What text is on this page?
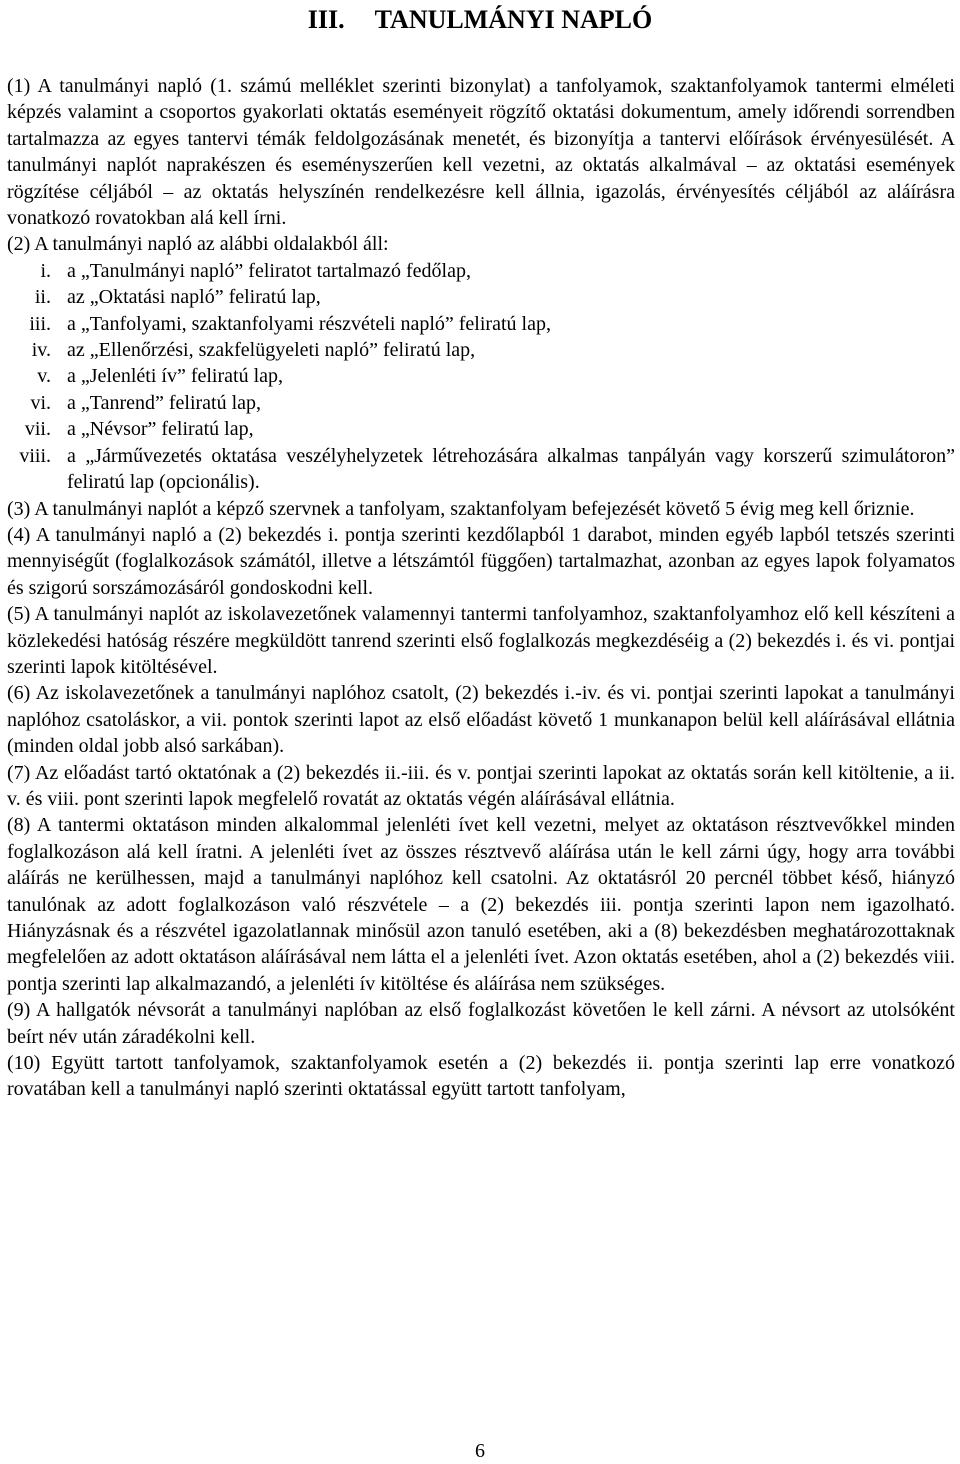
III. TANULMÁNYI NAPLÓ

(1) A tanulmányi napló (1. számú melléklet szerinti bizonylat) a tanfolyamok, szaktanfolyamok tantermi elméleti képzés valamint a csoportos gyakorlati oktatás eseményeit rögzítő oktatási dokumentum, amely időrendi sorrendben tartalmazza az egyes tantervi témák feldolgozásának menetét, és bizonyítja a tantervi előírások érvényesülését. A tanulmányi naplót naprakészen és eseményszerűen kell vezetni, az oktatás alkalmával – az oktatási események rögzítése céljából – az oktatás helyszínén rendelkezésre kell állnia, igazolás, érvényesítés céljából az aláírásra vonatkozó rovatokban alá kell írni.

(2) A tanulmányi napló az alábbi oldalakból áll:

i. a „Tanulmányi napló” feliratot tartalmazó fedőlap,
ii. az „Oktatási napló” feliratú lap,
iii. a „Tanfolyami, szaktanfolyami részvételi napló” feliratú lap,
iv. az „Ellenőrzési, szakfelügyeleti napló” feliratú lap,
v. a „Jelenléti ív” feliratú lap,
vi. a „Tanrend” feliratú lap,
vii. a „Névsor” feliratú lap,
viii. a „Járművezetés oktatása veszélyhelyzetek létrehozására alkalmas tanpályán vagy korszerű szimulátoron” feliratú lap (opcionális).

(3) A tanulmányi naplót a képző szervnek a tanfolyam, szaktanfolyam befejezését követő 5 évig meg kell őriznie.

(4) A tanulmányi napló a (2) bekezdés i. pontja szerinti kezdőlapból 1 darabot, minden egyéb lapból tetszés szerinti mennyiségűt (foglalkozások számától, illetve a létszámtól függően) tartalmazhat, azonban az egyes lapok folyamatos és szigorú sorszámozásáról gondoskodni kell.

(5) A tanulmányi naplót az iskolavezetőnek valamennyi tantermi tanfolyamhoz, szaktanfolyamhoz elő kell készíteni a közlekedési hatóság részére megküldött tanrend szerinti első foglalkozás megkezdéséig a (2) bekezdés i. és vi. pontjai szerinti lapok kitöltésével.

(6) Az iskolavezetőnek a tanulmányi naplóhoz csatolt, (2) bekezdés i.-iv. és vi. pontjai szerinti lapokat a tanulmányi naplóhoz csatoláskor, a vii. pontok szerinti lapot az első előadást követő 1 munkanapon belül kell aláírásával ellátnia (minden oldal jobb alsó sarkában).

(7) Az előadást tartó oktatónak a (2) bekezdés ii.-iii. és v. pontjai szerinti lapokat az oktatás során kell kitöltenie, a ii. v. és viii. pont szerinti lapok megfelelő rovatát az oktatás végén aláírásával ellátnia.

(8) A tantermi oktatáson minden alkalommal jelenléti ívet kell vezetni, melyet az oktatáson résztvevőkkel minden foglalkozáson alá kell íratni. A jelenléti ívet az összes résztvevő aláírása után le kell zárni úgy, hogy arra további aláírás ne kerülhessen, majd a tanulmányi naplóhoz kell csatolni. Az oktatásról 20 percnél többet késő, hiányzó tanulónak az adott foglalkozáson való részvétele – a (2) bekezdés iii. pontja szerinti lapon nem igazolható. Hiányzásnak és a részvétel igazolatlannak minősül azon tanuló esetében, aki a (8) bekezdésben meghatározottaknak megfelelően az adott oktatáson aláírásával nem látta el a jelenléti ívet. Azon oktatás esetében, ahol a (2) bekezdés viii. pontja szerinti lap alkalmazandó, a jelenléti ív kitöltése és aláírása nem szükséges.

(9) A hallgatók névsorát a tanulmányi naplóban az első foglalkozást követően le kell zárni. A névsort az utolsóként beírt név után záradékolni kell.

(10) Együtt tartott tanfolyamok, szaktanfolyamok esetén a (2) bekezdés ii. pontja szerinti lap erre vonatkozó rovatában kell a tanulmányi napló szerinti oktatással együtt tartott tanfolyam,

6
